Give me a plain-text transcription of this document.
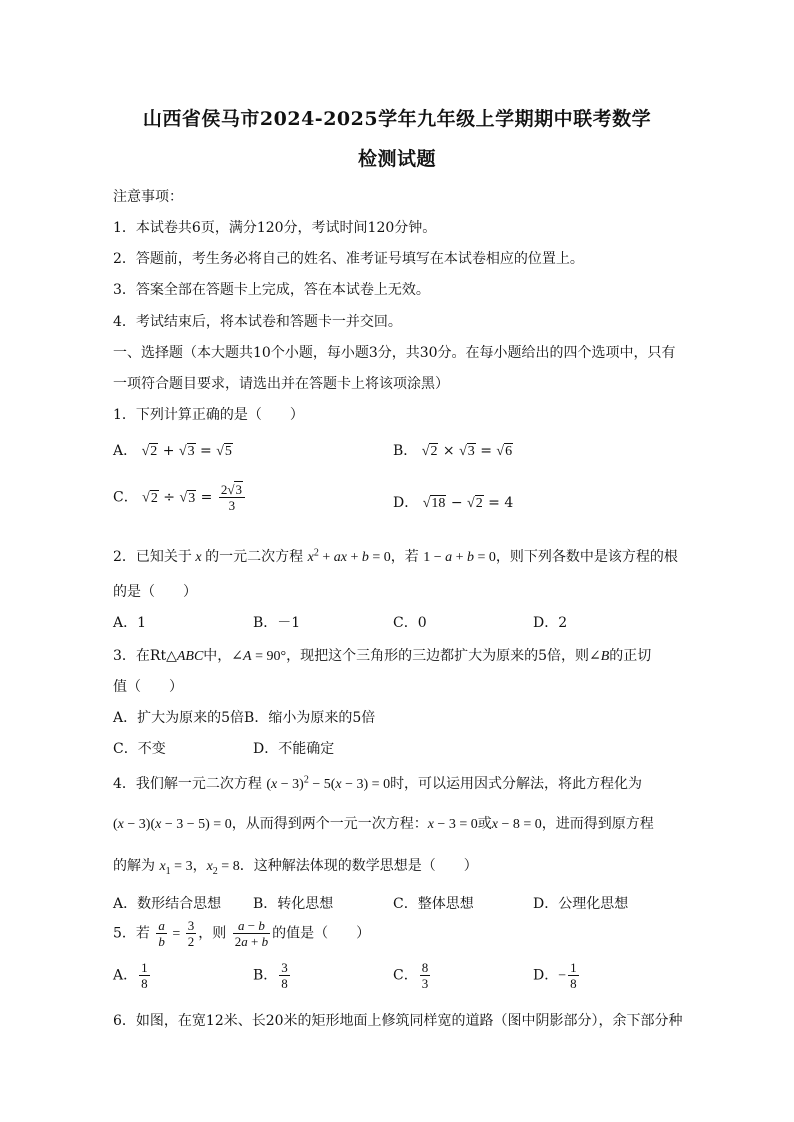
山西省侯马市2024-2025学年九年级上学期期中联考数学
检测试题
注意事项：
1．本试卷共6页，满分120分，考试时间120分钟。
2．答题前，考生务必将自己的姓名、准考证号填写在本试卷相应的位置上。
3．答案全部在答题卡上完成，答在本试卷上无效。
4．考试结束后，将本试卷和答题卡一并交回。
一、选择题（本大题共10个小题，每小题3分，共30分。在每小题给出的四个选项中，只有
一项符合题目要求，请选出并在答题卡上将该项涂黑）
1．下列计算正确的是（　　）
A． √2 + √3 = √5	B． √2 × √3 = √6
C． $√2 \div √3 = \frac{2√3}{3}$	D． √18 − √2 = 4
2．已知关于 x 的一元二次方程 $x^2$ + ax + b = 0，若 1 − a + b = 0，则下列各数中是该方程的根
的是（　　）
A．1	B．－1	C．0	D．2
3．在Rt△ABC中，∠A = 90°，现把这个三角形的三边都扩大为原来的5倍，则∠B的正切
值（　　）
A．扩大为原来的5倍B．缩小为原来的5倍
C．不变	D．不能确定
4．我们解一元二次方程 $(x - 3)^2 - 5(x - 3) = 0$时，可以运用因式分解法，将此方程化为
(x − 3)(x − 3 − 5) = 0，从而得到两个一元一次方程：x − 3 = 0或x − 8 = 0，进而得到原方程
的解为 $x_1 = 3$，$x_2 = 8$．这种解法体现的数学思想是（　　）
A．数形结合思想 B．转化思想	C．整体思想	D．公理化思想
5．若 $\frac{a}{b} = \frac{3}{2}$ ，则 $\frac{a - b}{2a + b}$ 的值是（　　）
A． $\frac{1}{8}$	B． $\frac{3}{8}$	C． $\frac{8}{3}$	D．− $\frac{1}{8}$
6．如图，在宽12米、长20米的矩形地面上修筑同样宽的道路（图中阴影部分），余下部分种
